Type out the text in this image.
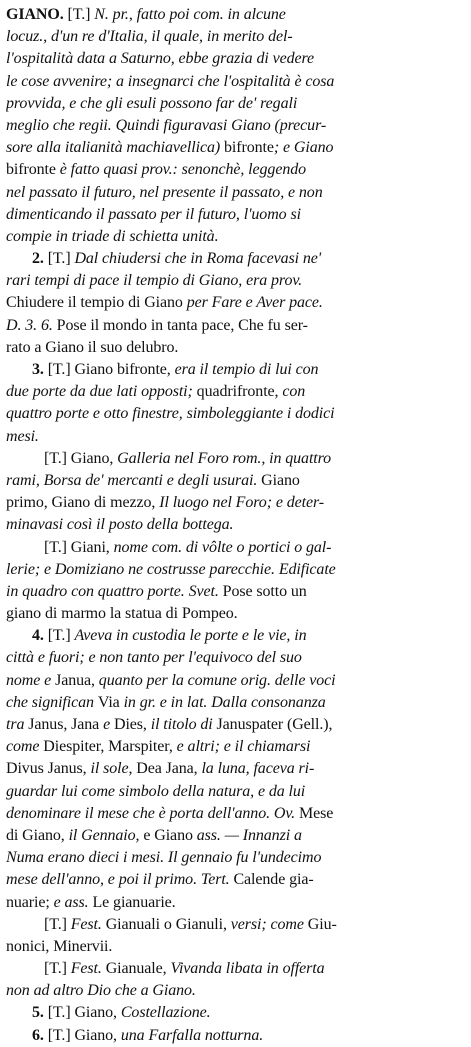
GIANO. [T.] N. pr., fatto poi com. in alcune
locuz., d'un re d'Italia, il quale, in merito del-
l'ospitalità data a Saturno, ebbe grazia di vedere
le cose avvenire; a insegnarci che l'ospitalità è cosa
provvida, e che gli esuli possono far de' regali
meglio che regii. Quindi figuravasi Giano (precur-
sore alla italianità machiavellica) bifronte; e Giano
bifronte è fatto quasi prov.: senonchè, leggendo
nel passato il futuro, nel presente il passato, e non
dimenticando il passato per il futuro, l'uomo si
compie in triade di schietta unità.
2. [T.] Dal chiudersi che in Roma facevasi ne'
rari tempi di pace il tempio di Giano, era prov.
Chiudere il tempio di Giano per Fare e Aver pace.
D. 3. 6. Pose il mondo in tanta pace, Che fu ser-
rato a Giano il suo delubro.
3. [T.] Giano bifronte, era il tempio di lui con
due porte da due lati opposti; quadrifronte, con
quattro porte e otto finestre, simboleggiante i dodici
mesi.
[T.] Giano, Galleria nel Foro rom., in quattro
rami, Borsa de' mercanti e degli usurai. Giano
primo, Giano di mezzo, Il luogo nel Foro; e deter-
minavasi così il posto della bottega.
[T.] Giani, nome com. di vôlte o portici o gal-
lerie; e Domiziano ne costrusse parecchie. Edificate
in quadro con quattro porte. Svet. Pose sotto un
giano di marmo la statua di Pompeo.
4. [T.] Aveva in custodia le porte e le vie, in
città e fuori; e non tanto per l'equivoco del suo
nome e Janua, quanto per la comune orig. delle voci
che significan Via in gr. e in lat. Dalla consonanza
tra Janus, Jana e Dies, il titolo di Januspater (Gell.),
come Diespiter, Marspiter, e altri; e il chiamarsi
Divus Janus, il sole, Dea Jana, la luna, faceva ri-
guardar lui come simbolo della natura, e da lui
denominare il mese che è porta dell'anno. Ov. Mese
di Giano, il Gennaio, e Giano ass. — Innanzi a
Numa erano dieci i mesi. Il gennaio fu l'undecimo
mese dell'anno, e poi il primo. Tert. Calende gia-
nuarie; e ass. Le gianuarie.
[T.] Fest. Gianuali o Gianuli, versi; come Giu-
nonici, Minervii.
[T.] Fest. Gianuale, Vivanda libata in offerta
non ad altro Dio che a Giano.
5. [T.] Giano, Costellazione.
6. [T.] Giano, una Farfalla notturna.
